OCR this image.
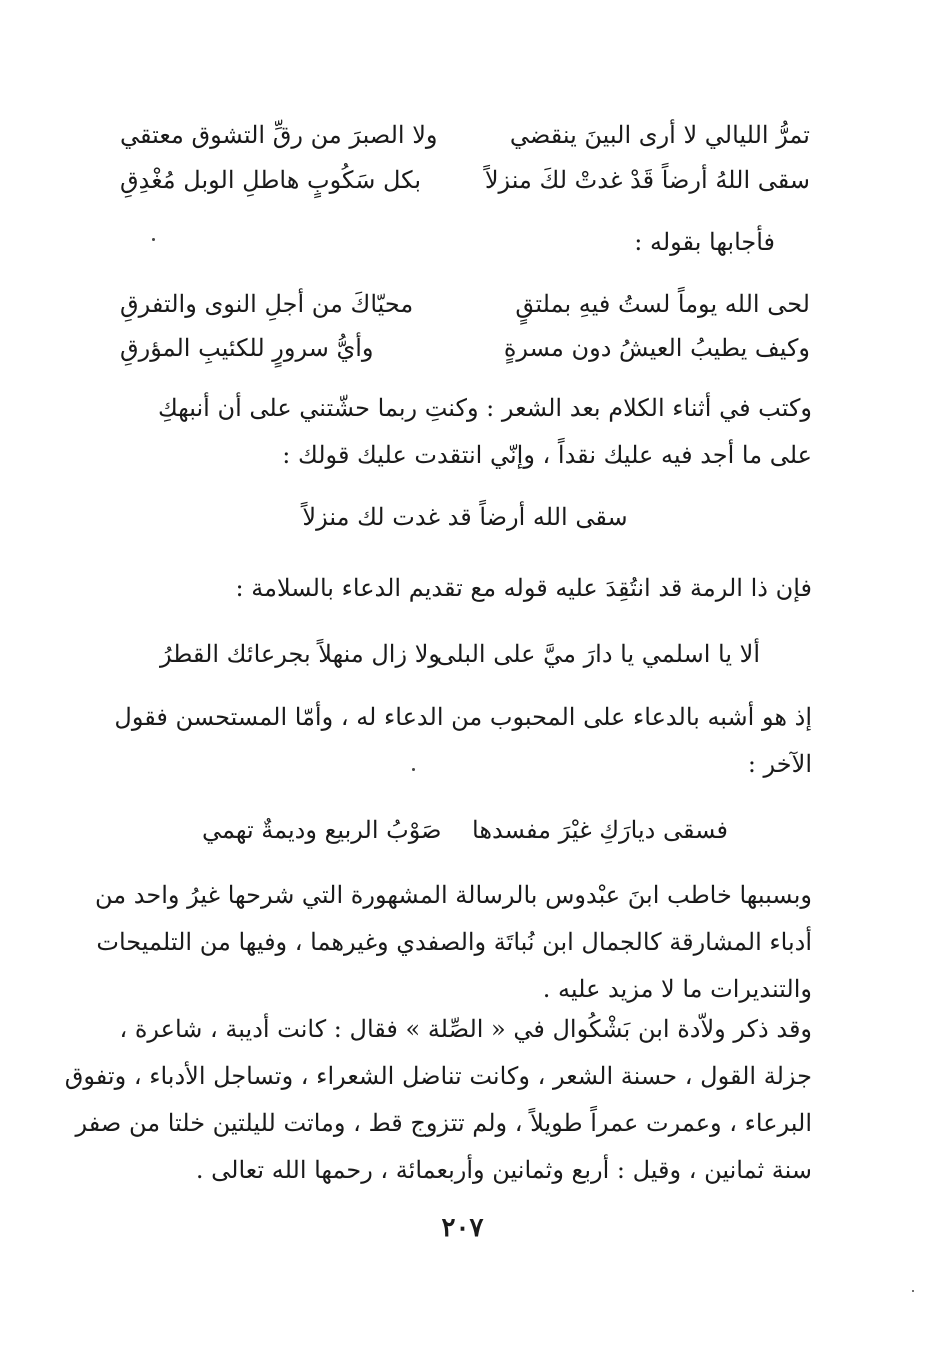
تمرُّ الليالي لا أرى البينَ ينقضي
ولا الصبرَ من رقِّ التشوق معتقي
سقى اللهُ أرضاً قَدْ غدتْ لكَ منزلاً
بكل سَكُوبٍ هاطلِ الوبل مُغْدِقِ
فأجابها بقوله :
لحى الله يوماً لستُ فيهِ بملتقٍ
محيّاكَ من أجلِ النوى والتفرقِ
وكيف يطيبُ العيشُ دون مسرةٍ
وأيُّ سرورٍ للكئيبِ المؤرقِ
وكتب في أثناء الكلام بعد الشعر : وكنتِ ربما حشّتني على أن أنبهكِ
على ما أجد فيه عليك نقداً ، وإنّي انتقدت عليك قولك :
سقى الله أرضاً قد غدت لك منزلاً
فإن ذا الرمة قد انتُقِدَ عليه قوله مع تقديم الدعاء بالسلامة :
ألا يا اسلمي يا دارَ ميَّ على البلى
ولا زال منهلاً بجرعائك القطرُ
إذ هو أشبه بالدعاء على المحبوب من الدعاء له ، وأمّا المستحسن فقول
الآخر :
فسقى ديارَكِ غيْرَ مفسدها    صَوْبُ الربيع وديمةٌ تهمي
وبسببها خاطب ابنَ عبْدوس بالرسالة المشهورة التي شرحها غيرُ واحد من
أدباء المشارقة كالجمال ابن نُباتَة والصفدي وغيرهما ، وفيها من التلميحات
والتنديرات ما لا مزيد عليه .
وقد ذكر ولاّدة ابن بَشْكُوال في « الصِّلة » فقال : كانت أديبة ، شاعرة ،
جزلة القول ، حسنة الشعر ، وكانت تناضل الشعراء ، وتساجل الأدباء ، وتفوق
البرعاء ، وعمرت عمراً طويلاً ، ولم تتزوج قط ، وماتت لليلتين خلتا من صفر
سنة ثمانين ، وقيل : أربع وثمانين وأربعمائة ، رحمها الله تعالى .
٢٠٧
